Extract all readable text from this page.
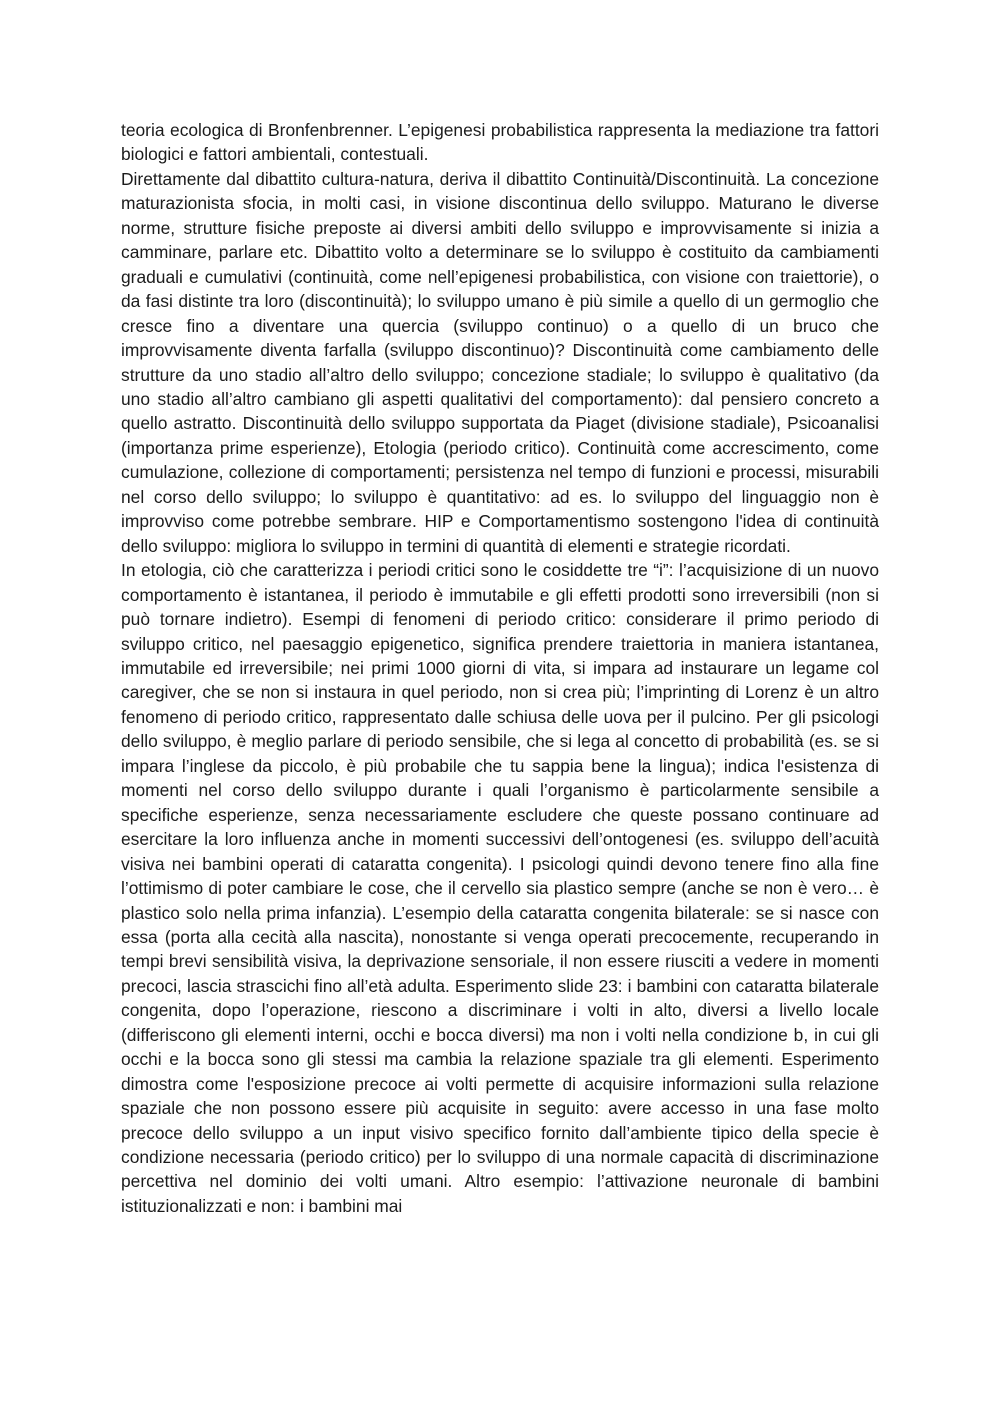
teoria ecologica di Bronfenbrenner. L’epigenesi probabilistica rappresenta la mediazione tra fattori biologici e fattori ambientali, contestuali.

Direttamente dal dibattito cultura-natura, deriva il dibattito Continuità/Discontinuità. La concezione maturazionista sfocia, in molti casi, in visione discontinua dello sviluppo. Maturano le diverse norme, strutture fisiche preposte ai diversi ambiti dello sviluppo e improvvisamente si inizia a camminare, parlare etc. Dibattito volto a determinare se lo sviluppo è costituito da cambiamenti graduali e cumulativi (continuità, come nell’epigenesi probabilistica, con visione con traiettorie), o da fasi distinte tra loro (discontinuità); lo sviluppo umano è più simile a quello di un germoglio che cresce fino a diventare una quercia (sviluppo continuo) o a quello di un bruco che improvvisamente diventa farfalla (sviluppo discontinuo)? Discontinuità come cambiamento delle strutture da uno stadio all’altro dello sviluppo; concezione stadiale; lo sviluppo è qualitativo (da uno stadio all’altro cambiano gli aspetti qualitativi del comportamento): dal pensiero concreto a quello astratto. Discontinuità dello sviluppo supportata da Piaget (divisione stadiale), Psicoanalisi (importanza prime esperienze), Etologia (periodo critico). Continuità come accrescimento, come cumulazione, collezione di comportamenti; persistenza nel tempo di funzioni e processi, misurabili nel corso dello sviluppo; lo sviluppo è quantitativo: ad es. lo sviluppo del linguaggio non è improvviso come potrebbe sembrare. HIP e Comportamentismo sostengono l'idea di continuità dello sviluppo: migliora lo sviluppo in termini di quantità di elementi e strategie ricordati.

In etologia, ciò che caratterizza i periodi critici sono le cosiddette tre “i”: l’acquisizione di un nuovo comportamento è istantanea, il periodo è immutabile e gli effetti prodotti sono irreversibili (non si può tornare indietro). Esempi di fenomeni di periodo critico: considerare il primo periodo di sviluppo critico, nel paesaggio epigenetico, significa prendere traiettoria in maniera istantanea, immutabile ed irreversibile; nei primi 1000 giorni di vita, si impara ad instaurare un legame col caregiver, che se non si instaura in quel periodo, non si crea più; l’imprinting di Lorenz è un altro fenomeno di periodo critico, rappresentato dalle schiusa delle uova per il pulcino. Per gli psicologi dello sviluppo, è meglio parlare di periodo sensibile, che si lega al concetto di probabilità (es. se si impara l’inglese da piccolo, è più probabile che tu sappia bene la lingua); indica l'esistenza di momenti nel corso dello sviluppo durante i quali l’organismo è particolarmente sensibile a specifiche esperienze, senza necessariamente escludere che queste possano continuare ad esercitare la loro influenza anche in momenti successivi dell’ontogenesi (es. sviluppo dell’acuità visiva nei bambini operati di cataratta congenita). I psicologi quindi devono tenere fino alla fine l’ottimismo di poter cambiare le cose, che il cervello sia plastico sempre (anche se non è vero… è plastico solo nella prima infanzia). L’esempio della cataratta congenita bilaterale: se si nasce con essa (porta alla cecità alla nascita), nonostante si venga operati precocemente, recuperando in tempi brevi sensibilità visiva, la deprivazione sensoriale, il non essere riusciti a vedere in momenti precoci, lascia strascichi fino all’età adulta. Esperimento slide 23: i bambini con cataratta bilaterale congenita, dopo l’operazione, riescono a discriminare i volti in alto, diversi a livello locale (differiscono gli elementi interni, occhi e bocca diversi) ma non i volti nella condizione b, in cui gli occhi e la bocca sono gli stessi ma cambia la relazione spaziale tra gli elementi. Esperimento dimostra come l'esposizione precoce ai volti permette di acquisire informazioni sulla relazione spaziale che non possono essere più acquisite in seguito: avere accesso in una fase molto precoce dello sviluppo a un input visivo specifico fornito dall’ambiente tipico della specie è condizione necessaria (periodo critico) per lo sviluppo di una normale capacità di discriminazione percettiva nel dominio dei volti umani. Altro esempio: l’attivazione neuronale di bambini istituzionalizzati e non: i bambini mai
